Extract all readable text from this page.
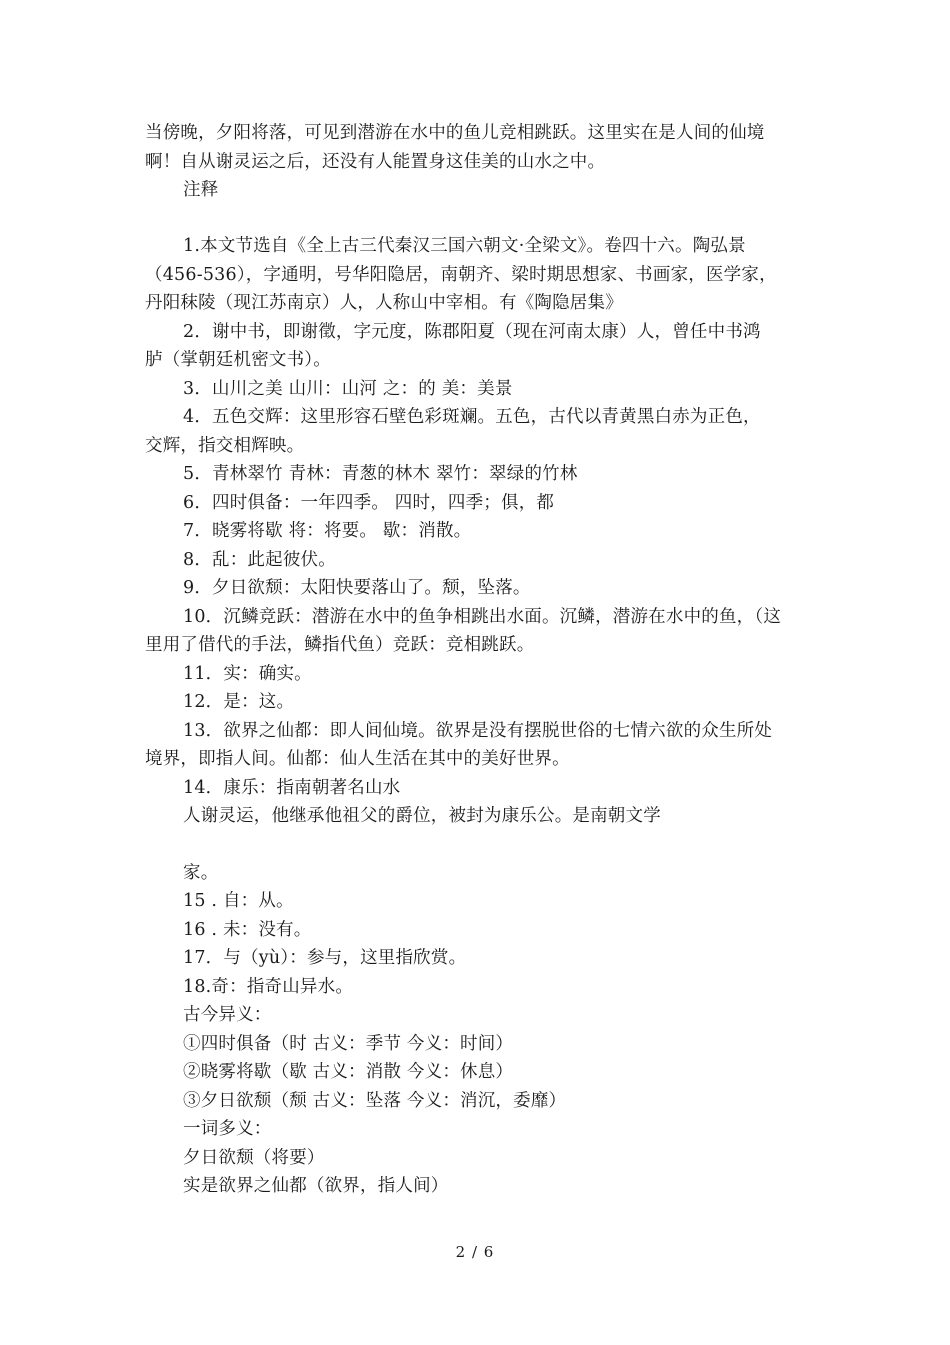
当傍晚，夕阳将落，可见到潜游在水中的鱼儿竞相跳跃。这里实在是人间的仙境
啊！自从谢灵运之后，还没有人能置身这佳美的山水之中。
注释
1.本文节选自《全上古三代秦汉三国六朝文·全梁文》。卷四十六。陶弘景
（456-536），字通明，号华阳隐居，南朝齐、梁时期思想家、书画家，医学家，
丹阳秣陵（现江苏南京）人，人称山中宰相。有《陶隐居集》
2．谢中书，即谢徵，字元度，陈郡阳夏（现在河南太康）人，曾任中书鸿
胪（掌朝廷机密文书）。
3．山川之美 山川：山河 之：的 美：美景
4．五色交辉：这里形容石壁色彩斑斓。五色，古代以青黄黑白赤为正色，
交辉，指交相辉映。
5．青林翠竹 青林：青葱的林木 翠竹：翠绿的竹林
6．四时俱备：一年四季。 四时，四季；俱，都
7．晓雾将歇 将：将要。 歇：消散。
8．乱：此起彼伏。
9．夕日欲颓：太阳快要落山了。颓，坠落。
10．沉鳞竞跃：潜游在水中的鱼争相跳出水面。沉鳞，潜游在水中的鱼，（这
里用了借代的手法，鳞指代鱼）竞跃：竞相跳跃。
11．实：确实。
12．是：这。
13．欲界之仙都：即人间仙境。欲界是没有摆脱世俗的七情六欲的众生所处
境界，即指人间。仙都：仙人生活在其中的美好世界。
14．康乐：指南朝著名山水
人谢灵运，他继承他祖父的爵位，被封为康乐公。是南朝文学
家。
15 . 自：从。
16 . 未：没有。
17．与（yù）：参与，这里指欣赏。
18.奇：指奇山异水。
古今异义：
①四时俱备（时 古义：季节 今义：时间）
②晓雾将歇（歇 古义：消散 今义：休息）
③夕日欲颓（颓 古义：坠落 今义：消沉，委靡）
一词多义：
夕日欲颓（将要）
实是欲界之仙都（欲界，指人间）
2 / 6
